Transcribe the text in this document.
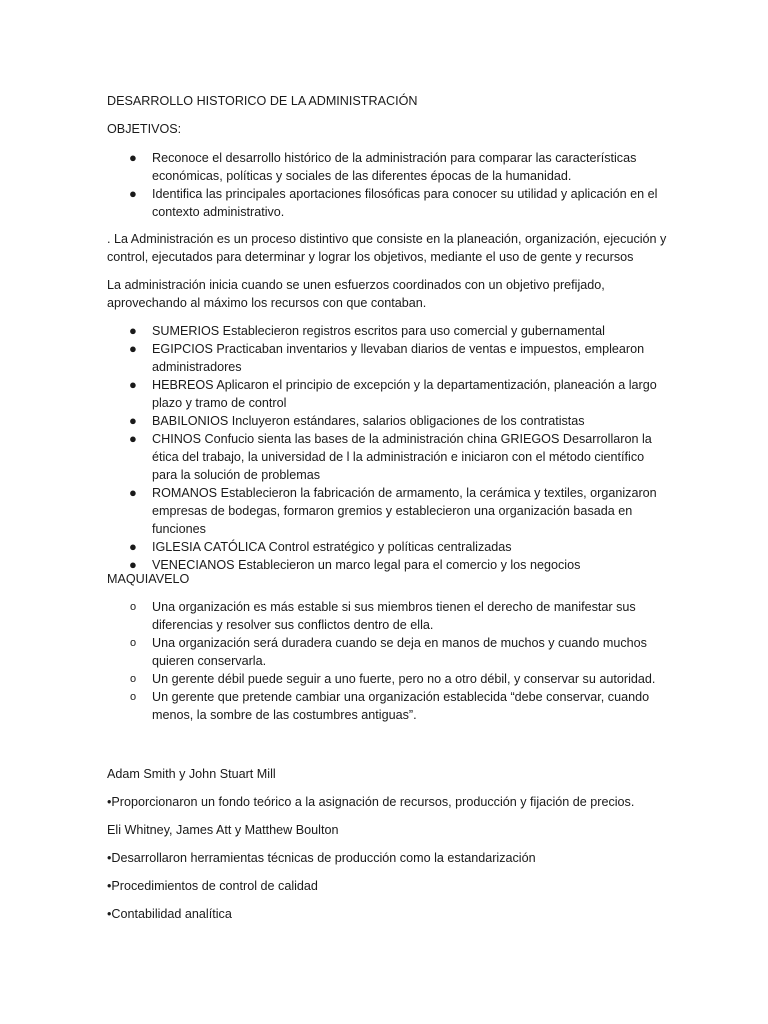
DESARROLLO HISTORICO DE LA ADMINISTRACIÓN

OBJETIVOS:

● Reconoce el desarrollo histórico de la administración para comparar las características económicas, políticas y sociales de las diferentes épocas de la humanidad.
● Identifica las principales aportaciones filosóficas para conocer su utilidad y aplicación en el contexto administrativo.

. La Administración es un proceso distintivo que consiste en la planeación, organización, ejecución y control, ejecutados para determinar y lograr los objetivos, mediante el uso de gente y recursos

La administración inicia cuando se unen esfuerzos coordinados con un objetivo prefijado, aprovechando al máximo los recursos con que contaban.

● SUMERIOS Establecieron registros escritos para uso comercial y gubernamental
● EGIPCIOS Practicaban inventarios y llevaban diarios de ventas e impuestos, emplearon administradores
● HEBREOS Aplicaron el principio de excepción y la departamentización, planeación a largo plazo y tramo de control
● BABILONIOS Incluyeron estándares, salarios obligaciones de los contratistas
● CHINOS Confucio sienta las bases de la administración china GRIEGOS Desarrollaron la ética del trabajo, la universidad de l la administración e iniciaron con el método científico para la solución de problemas
● ROMANOS Establecieron la fabricación de armamento, la cerámica y textiles, organizaron empresas de bodegas, formaron gremios y establecieron una organización basada en funciones
● IGLESIA CATÓLICA Control estratégico y políticas centralizadas
● VENECIANOS Establecieron un marco legal para el comercio y los negocios

MAQUIAVELO

o Una organización es más estable si sus miembros tienen el derecho de manifestar sus diferencias y resolver sus conflictos dentro de ella.
o Una organización será duradera cuando se deja en manos de muchos y cuando muchos quieren conservarla.
o Un gerente débil puede seguir a uno fuerte, pero no a otro débil, y conservar su autoridad.
o Un gerente que pretende cambiar una organización establecida “debe conservar, cuando menos, la sombre de las costumbres antiguas”.

Adam Smith y John Stuart Mill

•Proporcionaron un fondo teórico a la asignación de recursos, producción y fijación de precios.

Eli Whitney, James Att y Matthew Boulton

•Desarrollaron herramientas técnicas de producción como la estandarización

•Procedimientos de control de calidad

•Contabilidad analítica
